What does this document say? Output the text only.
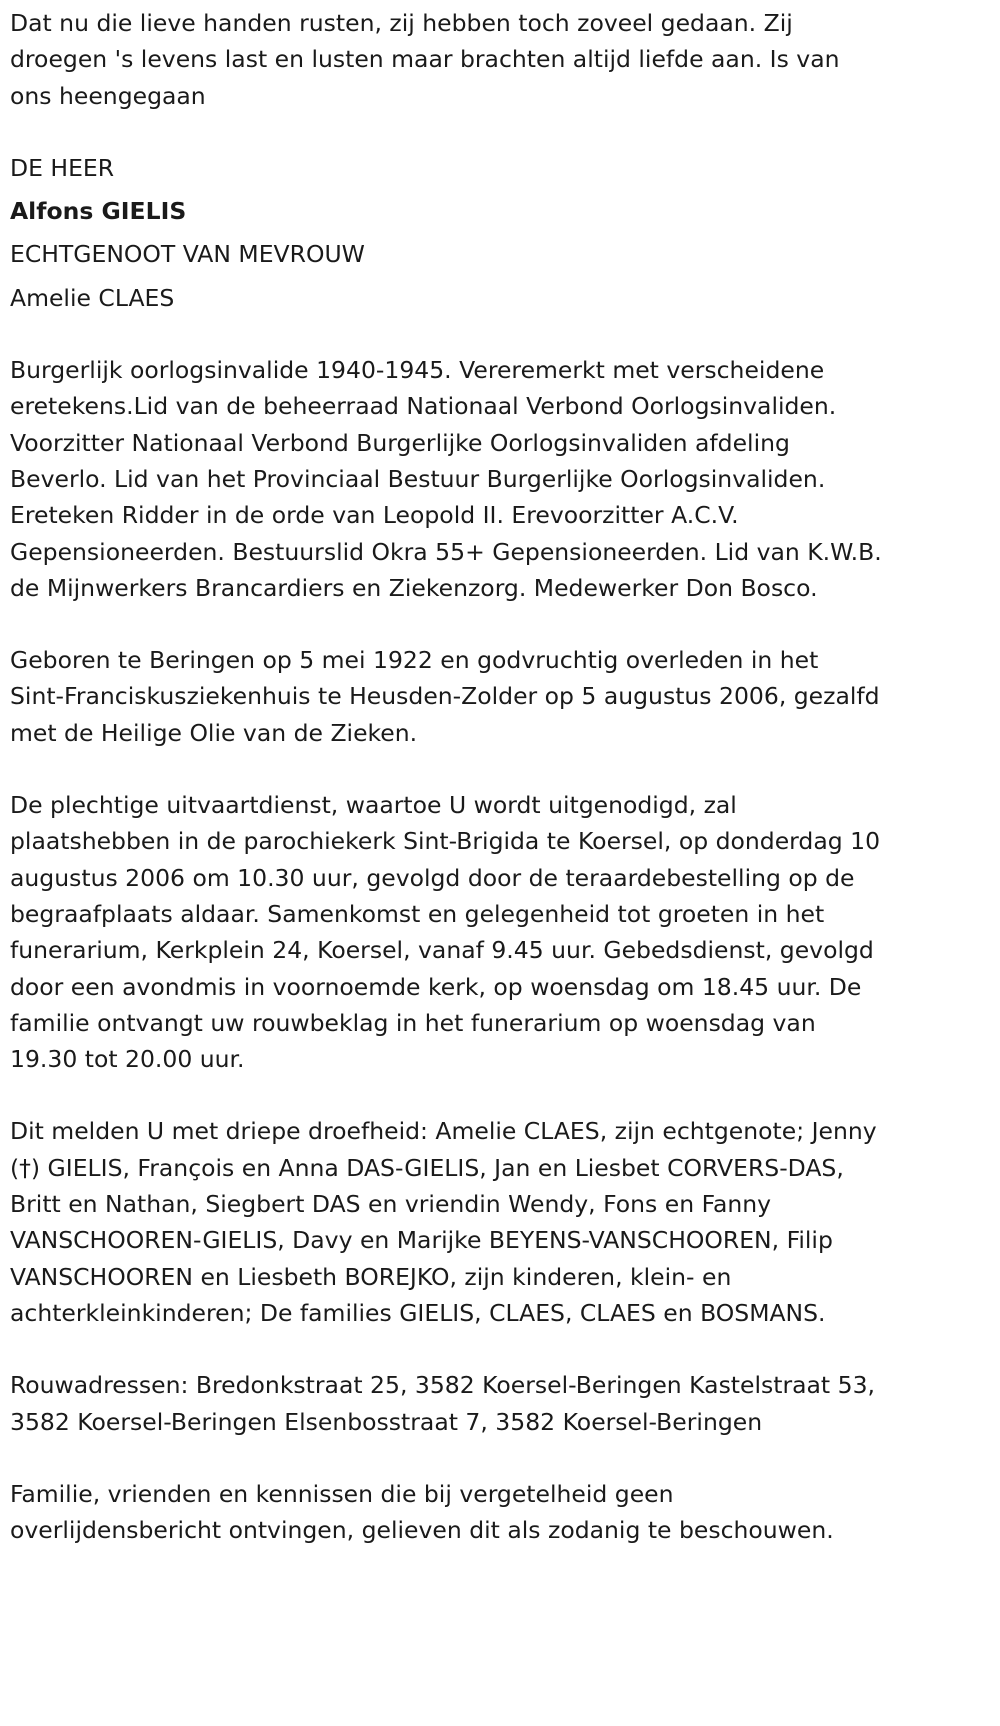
Dat nu die lieve handen rusten, zij hebben toch zoveel gedaan. Zij
droegen 's levens last en lusten maar brachten altijd liefde aan. Is van
ons heengegaan

DE HEER
Alfons GIELIS
ECHTGENOOT VAN MEVROUW
Amelie CLAES

Burgerlijk oorlogsinvalide 1940-1945. Vereremerkt met verscheidene
eretekens.Lid van de beheerraad Nationaal Verbond Oorlogsinvaliden.
Voorzitter Nationaal Verbond Burgerlijke Oorlogsinvaliden afdeling
Beverlo. Lid van het Provinciaal Bestuur Burgerlijke Oorlogsinvaliden.
Ereteken Ridder in de orde van Leopold II. Erevoorzitter A.C.V.
Gepensioneerden. Bestuurslid Okra 55+ Gepensioneerden. Lid van K.W.B.
de Mijnwerkers Brancardiers en Ziekenzorg. Medewerker Don Bosco.

Geboren te Beringen op 5 mei 1922 en godvruchtig overleden in het
Sint-Franciskusziekenhuis te Heusden-Zolder op 5 augustus 2006, gezalfd
met de Heilige Olie van de Zieken.

De plechtige uitvaartdienst, waartoe U wordt uitgenodigd, zal
plaatshebben in de parochiekerk Sint-Brigida te Koersel, op donderdag 10
augustus 2006 om 10.30 uur, gevolgd door de teraardebestelling op de
begraafplaats aldaar. Samenkomst en gelegenheid tot groeten in het
funerarium, Kerkplein 24, Koersel, vanaf 9.45 uur. Gebedsdienst, gevolgd
door een avondmis in voornoemde kerk, op woensdag om 18.45 uur. De
familie ontvangt uw rouwbeklag in het funerarium op woensdag van
19.30 tot 20.00 uur.

Dit melden U met driepe droefheid: Amelie CLAES, zijn echtgenote; Jenny
(†) GIELIS, François en Anna DAS-GIELIS, Jan en Liesbet CORVERS-DAS,
Britt en Nathan, Siegbert DAS en vriendin Wendy, Fons en Fanny
VANSCHOOREN-GIELIS, Davy en Marijke BEYENS-VANSCHOOREN, Filip
VANSCHOOREN en Liesbeth BOREJKO, zijn kinderen, klein- en
achterkleinkinderen; De families GIELIS, CLAES, CLAES en BOSMANS.

Rouwadressen: Bredonkstraat 25, 3582 Koersel-Beringen Kastelstraat 53,
3582 Koersel-Beringen Elsenbosstraat 7, 3582 Koersel-Beringen

Familie, vrienden en kennissen die bij vergetelheid geen
overlijdensbericht ontvingen, gelieven dit als zodanig te beschouwen.
